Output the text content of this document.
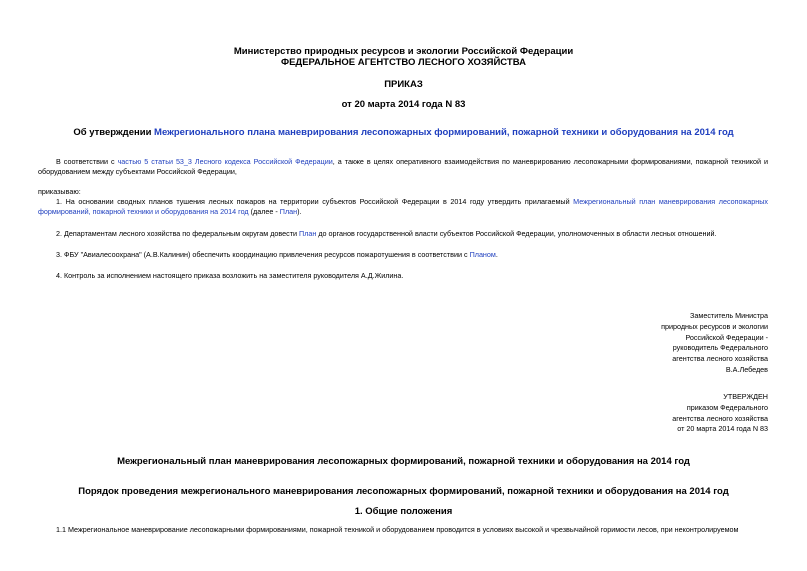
Министерство природных ресурсов и экологии Российской Федерации
ФЕДЕРАЛЬНОЕ АГЕНТСТВО ЛЕСНОГО ХОЗЯЙСТВА
ПРИКАЗ
от 20 марта 2014 года N 83
Об утверждении Межрегионального плана маневрирования лесопожарных формирований, пожарной техники и оборудования на 2014 год
В соответствии с частью 5 статьи 53_3 Лесного кодекса Российской Федерации, а также в целях оперативного взаимодействия по маневрированию лесопожарными формированиями, пожарной техникой и оборудованием между субъектами Российской Федерации,
приказываю:
1. На основании сводных планов тушения лесных пожаров на территории субъектов Российской Федерации в 2014 году утвердить прилагаемый Межрегиональный план маневрирования лесопожарных формирований, пожарной техники и оборудования на 2014 год (далее - План).
2. Департаментам лесного хозяйства по федеральным округам довести План до органов государственной власти субъектов Российской Федерации, уполномоченных в области лесных отношений.
3. ФБУ "Авиалесоохрана" (А.В.Калинин) обеспечить координацию привлечения ресурсов пожаротушения в соответствии с Планом.
4. Контроль за исполнением настоящего приказа возложить на заместителя руководителя А.Д.Жилина.
Заместитель Министра
природных ресурсов и экологии
Российской Федерации -
руководитель Федерального
агентства лесного хозяйства
В.А.Лебедев
УТВЕРЖДЕН
приказом Федерального
агентства лесного хозяйства
от 20 марта 2014 года N 83
Межрегиональный план маневрирования лесопожарных формирований, пожарной техники и оборудования на 2014 год
Порядок проведения межрегионального маневрирования лесопожарных формирований, пожарной техники и оборудования на 2014 год
1. Общие положения
1.1 Межрегиональное маневрирование лесопожарными формированиями, пожарной техникой и оборудованием проводится в условиях высокой и чрезвычайной горимости лесов, при неконтролируемом
